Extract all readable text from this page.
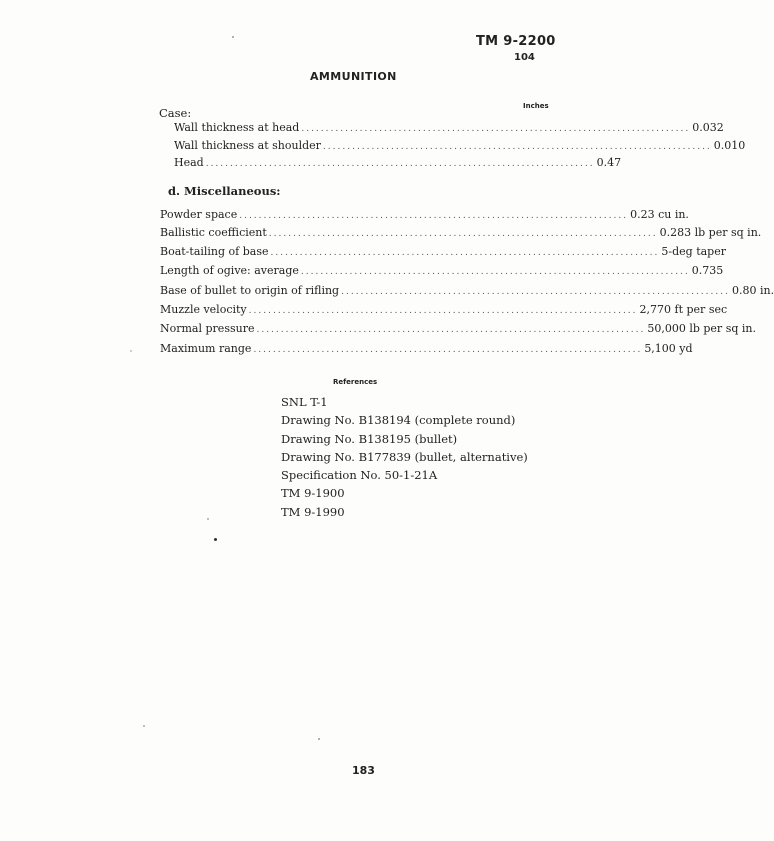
TM 9-2200
104
AMMUNITION
Inches
Case:
Wall thickness at head ................................................................................ 0.032
Wall thickness at shoulder ................................................................................ 0.010
Head ................................................................................ 0.47
d. Miscellaneous:
Powder space ................................................................................ 0.23 cu in.
Ballistic coefficient ................................................................................ 0.283 lb per sq in.
Boat-tailing of base ................................................................................ 5-deg taper
Length of ogive: average ................................................................................ 0.735
Base of bullet to origin of rifling ................................................................................ 0.80 in.
Muzzle velocity ................................................................................ 2,770 ft per sec
Normal pressure ................................................................................ 50,000 lb per sq in.
Maximum range ................................................................................ 5,100 yd
References
SNL T-1
Drawing No. B138194 (complete round)
Drawing No. B138195 (bullet)
Drawing No. B177839 (bullet, alternative)
Specification No. 50-1-21A
TM 9-1900
TM 9-1990
183
